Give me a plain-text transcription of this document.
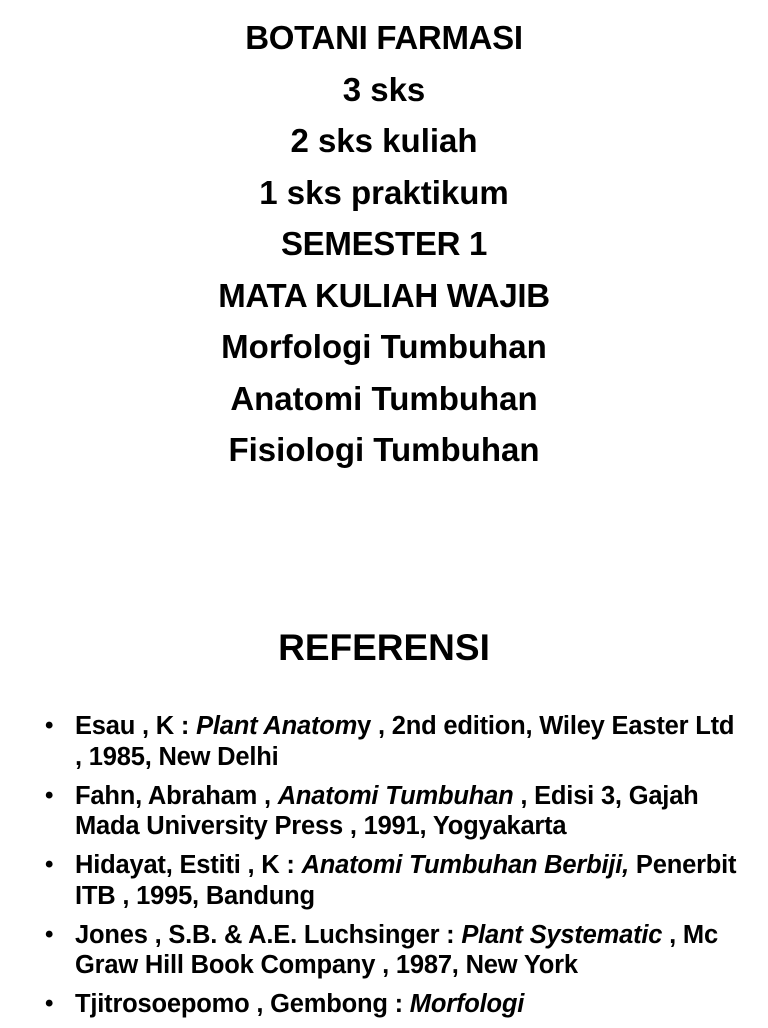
BOTANI FARMASI
3 sks
2 sks kuliah
1 sks praktikum
SEMESTER 1
MATA KULIAH WAJIB
Morfologi Tumbuhan
Anatomi Tumbuhan
Fisiologi Tumbuhan
REFERENSI
• Esau , K : Plant Anatomy , 2nd edition, Wiley Easter Ltd , 1985, New Delhi
• Fahn, Abraham , Anatomi Tumbuhan , Edisi 3, Gajah Mada University Press , 1991, Yogyakarta
• Hidayat, Estiti , K : Anatomi Tumbuhan Berbiji, Penerbit ITB , 1995, Bandung
• Jones , S.B. & A.E. Luchsinger : Plant Systematic , Mc Graw Hill Book Company , 1987, New York
• Tjitrosoepomo , Gembong : Morfologi
